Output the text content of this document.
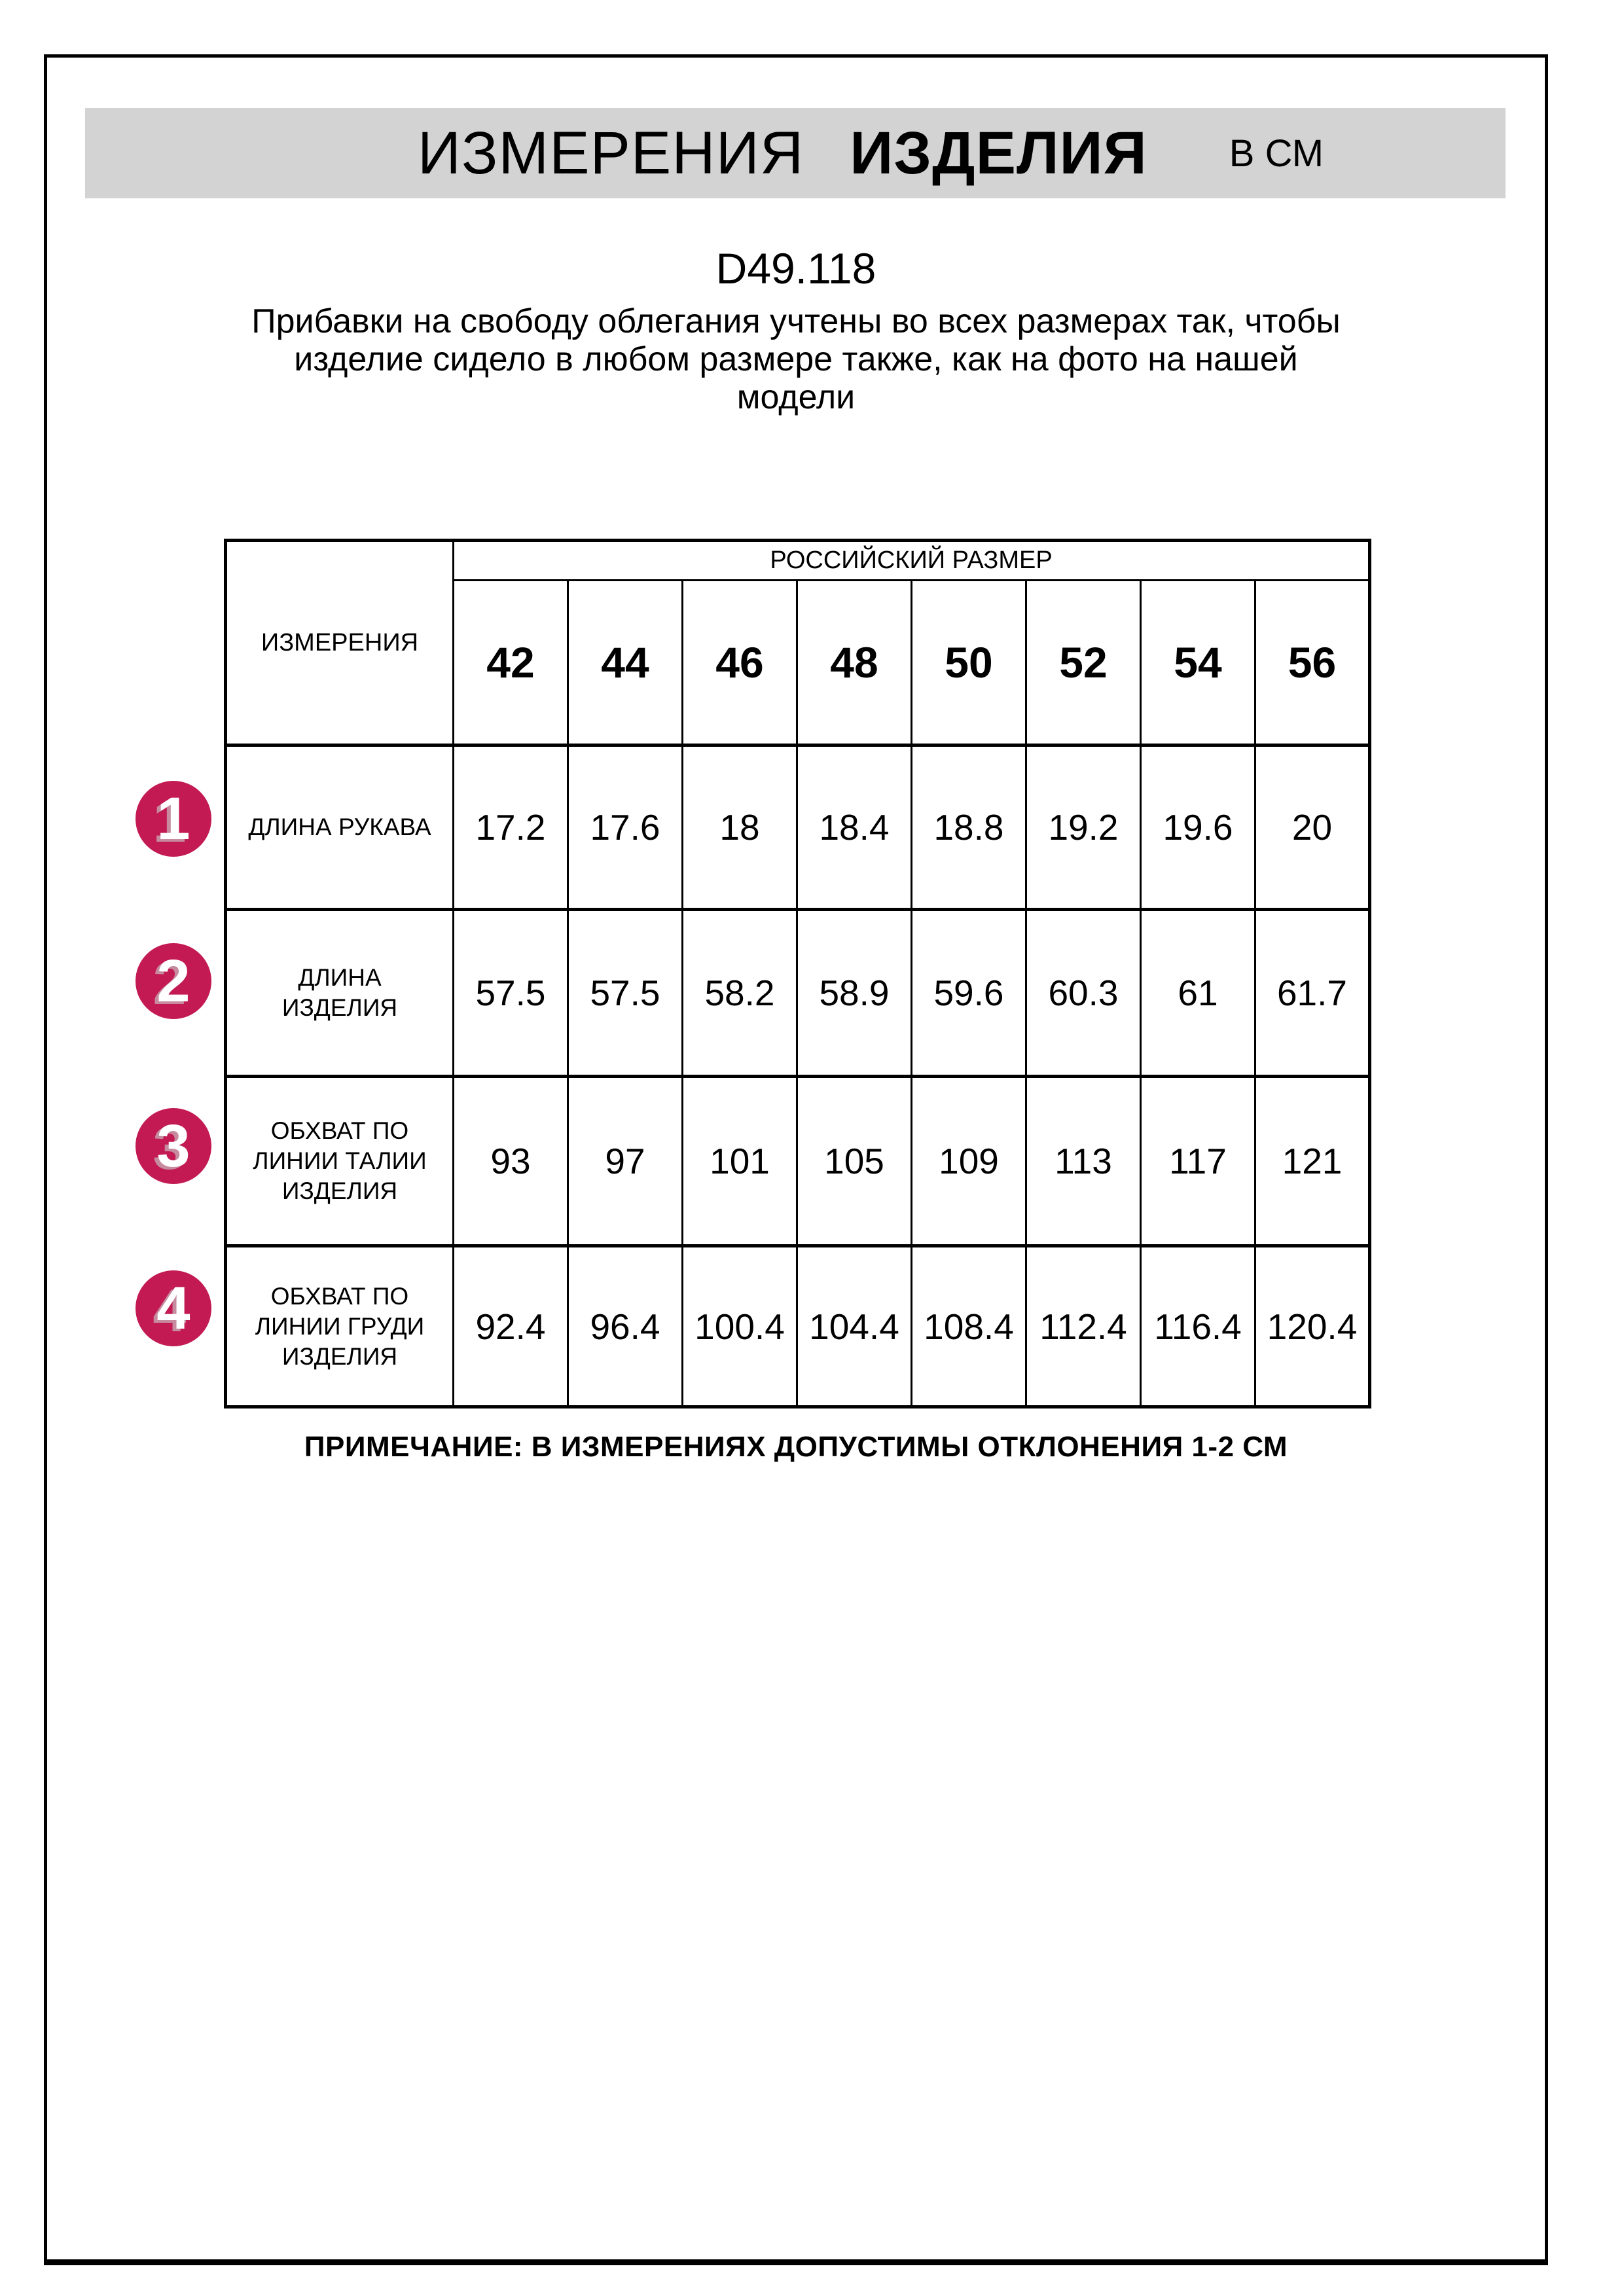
ИЗМЕРЕНИЯ ИЗДЕЛИЯ В СМ
D49.118
Прибавки на свободу облегания учтены во всех размерах так, чтобы
изделие сидело в любом размере также, как на фото на нашей
модели
ИЗМЕРЕНИЯ	РОССИЙСКИЙ РАЗМЕР							
	42	44	46	48	50	52	54	56
ДЛИНА РУКАВА	17.2	17.6	18	18.4	18.8	19.2	19.6	20
ДЛИНА
ИЗДЕЛИЯ	57.5	57.5	58.2	58.9	59.6	60.3	61	61.7
ОБХВАТ ПО
ЛИНИИ ТАЛИИ
ИЗДЕЛИЯ	93	97	101	105	109	113	117	121
ОБХВАТ ПО
ЛИНИИ ГРУДИ
ИЗДЕЛИЯ	92.4	96.4	100.4	104.4	108.4	112.4	116.4	120.4
1
2
3
4
ПРИМЕЧАНИЕ: В ИЗМЕРЕНИЯХ ДОПУСТИМЫ ОТКЛОНЕНИЯ 1-2 СМ
